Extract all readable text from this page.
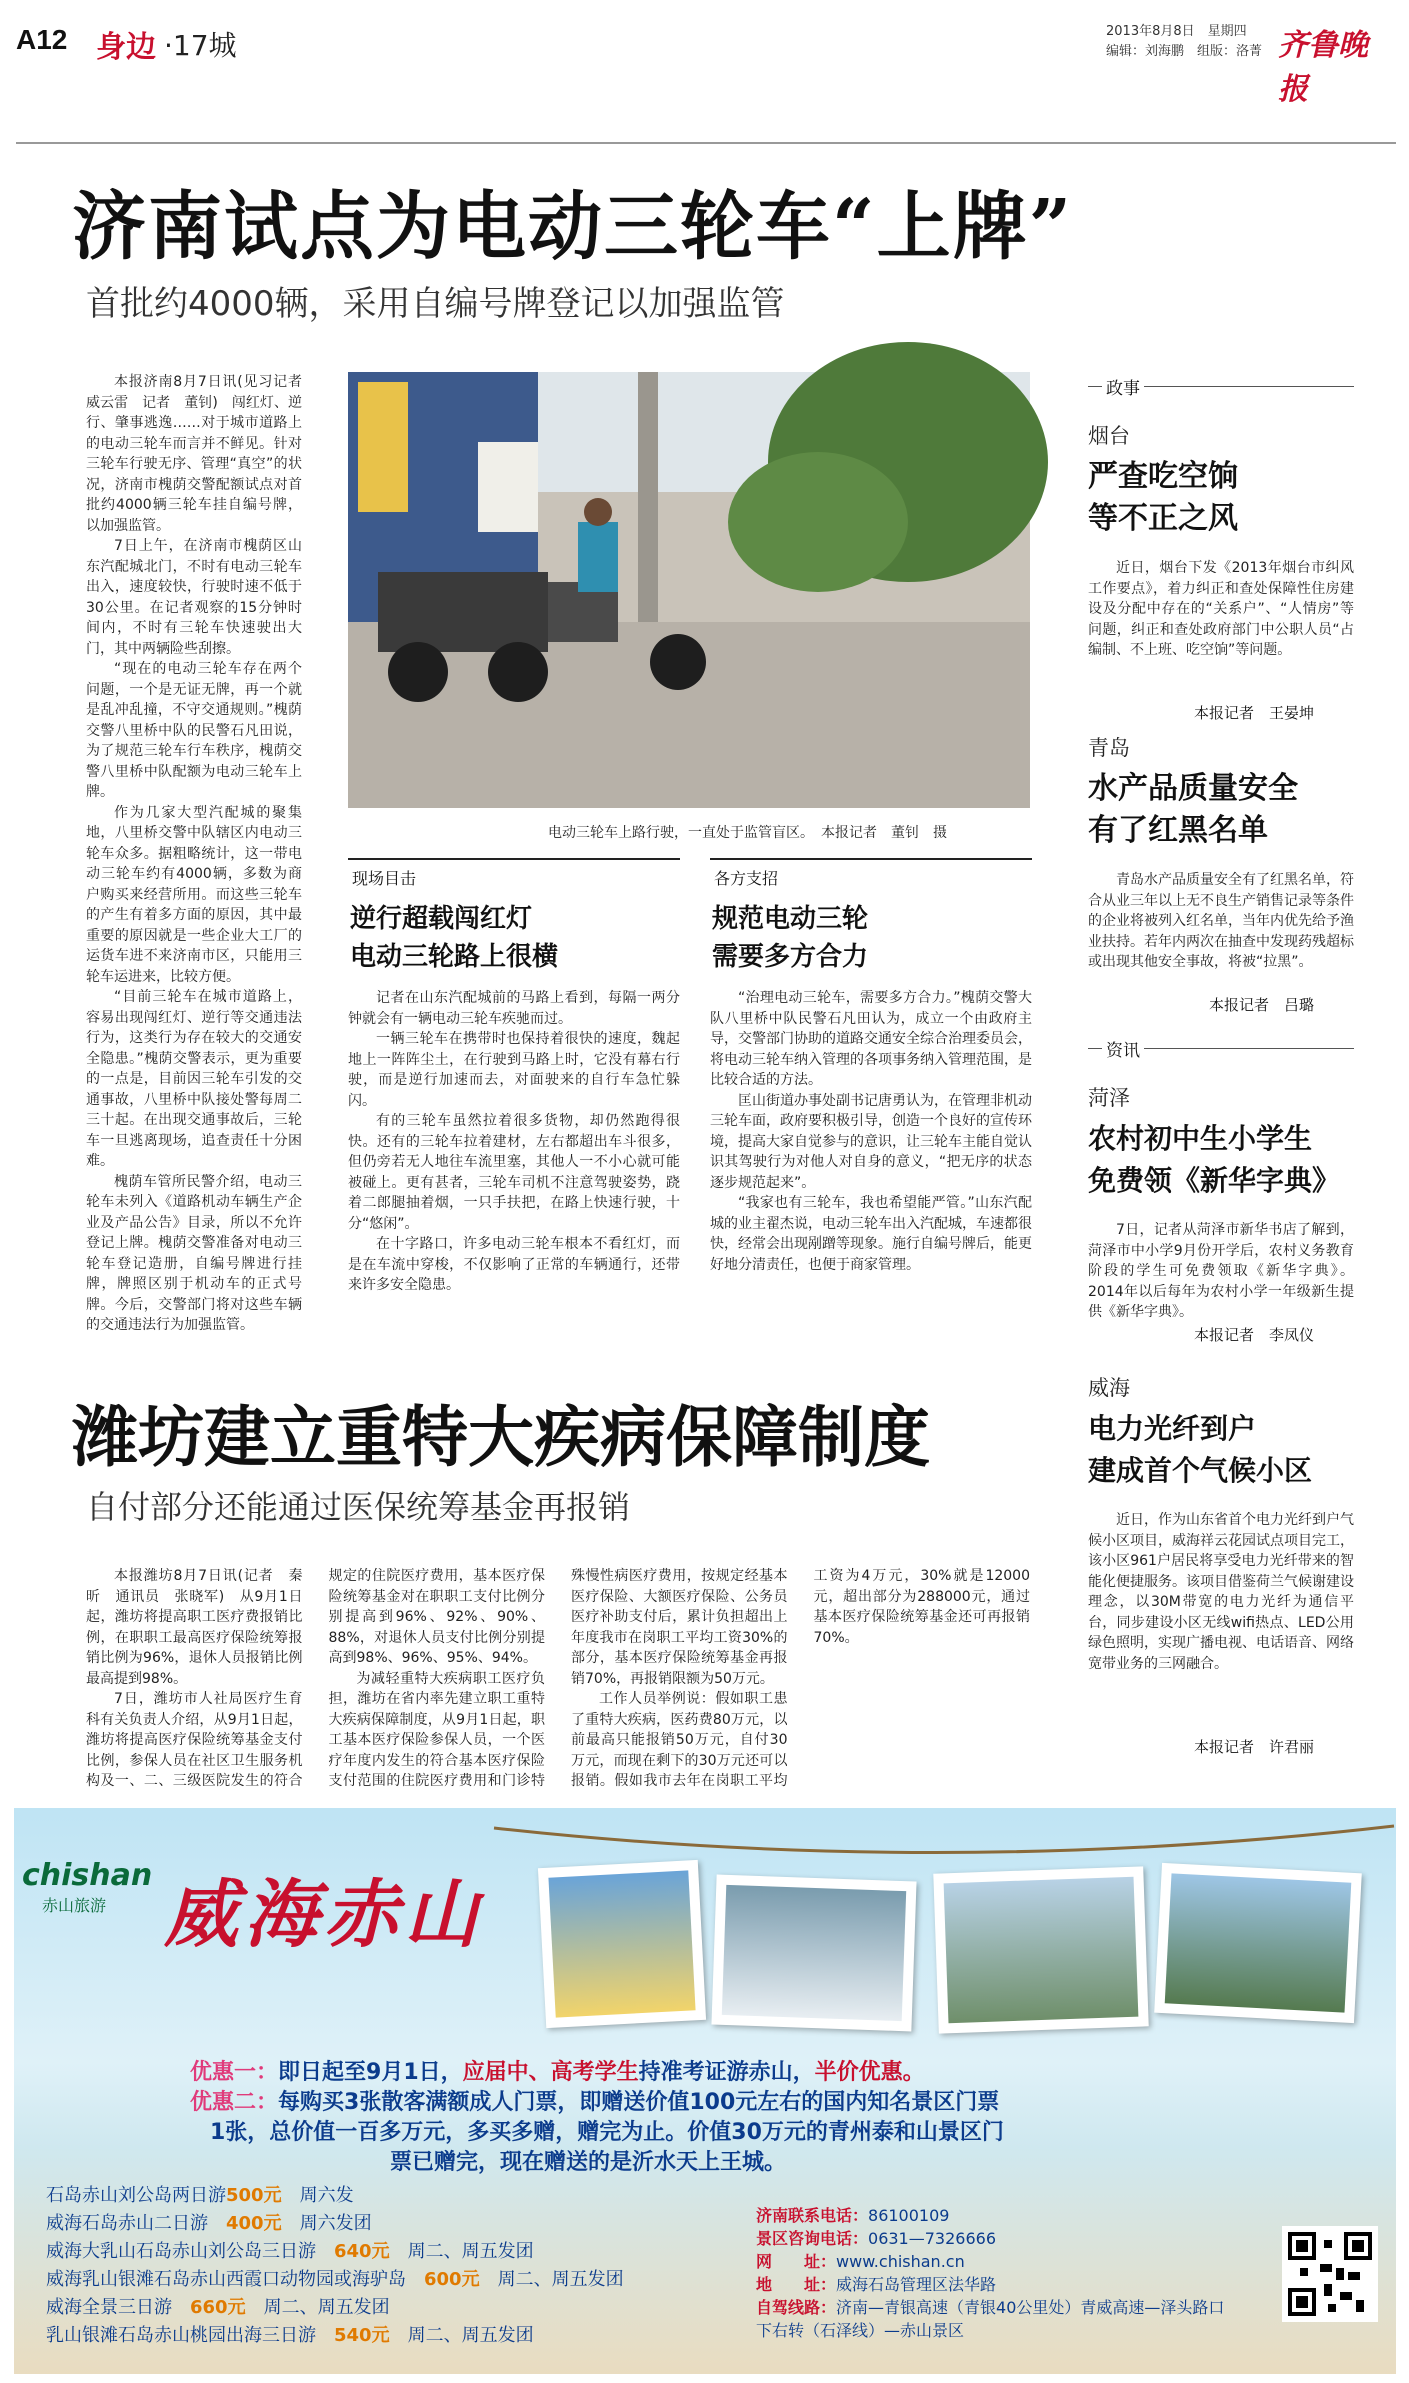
A12 身边 ·17城	2013年8月8日　星期四
编辑：刘海鹏　组版：洛菁 齐鲁晚报
济南试点为电动三轮车“上牌”
首批约4000辆，采用自编号牌登记以加强监管

本报济南8月7日讯(见习记者　威云雷　记者　董钊)　闯红灯、逆行、肇事逃逸……对于城市道路上的电动三轮车而言并不鲜见。针对三轮车行驶无序、管理“真空”的状况，济南市槐荫交警配额试点对首批约4000辆三轮车挂自编号牌，以加强监管。

7日上午，在济南市槐荫区山东汽配城北门，不时有电动三轮车出入，速度较快，行驶时速不低于30公里。在记者观察的15分钟时间内，不时有三轮车快速驶出大门，其中两辆险些刮擦。

“现在的电动三轮车存在两个问题，一个是无证无牌，再一个就是乱冲乱撞，不守交通规则。”槐荫交警八里桥中队的民警石凡田说，为了规范三轮车行车秩序，槐荫交警八里桥中队配额为电动三轮车上牌。

作为几家大型汽配城的聚集地，八里桥交警中队辖区内电动三轮车众多。据粗略统计，这一带电动三轮车约有4000辆，多数为商户购买来经营所用。而这些三轮车的产生有着多方面的原因，其中最重要的原因就是一些企业大工厂的运货车进不来济南市区，只能用三轮车运进来，比较方便。

“目前三轮车在城市道路上，容易出现闯红灯、逆行等交通违法行为，这类行为存在较大的交通安全隐患。”槐荫交警表示，更为重要的一点是，目前因三轮车引发的交通事故，八里桥中队接处警每周二三十起。在出现交通事故后，三轮车一旦逃离现场，追查责任十分困难。

槐荫车管所民警介绍，电动三轮车未列入《道路机动车辆生产企业及产品公告》目录，所以不允许登记上牌。槐荫交警准备对电动三轮车登记造册，自编号牌进行挂牌，牌照区别于机动车的正式号牌。今后，交警部门将对这些车辆的交通违法行为加强监管。

电动三轮车上路行驶，一直处于监管盲区。　本报记者　董钊　摄
现场目击
逆行超载闯红灯
电动三轮路上很横

记者在山东汽配城前的马路上看到，每隔一两分钟就会有一辆电动三轮车疾驰而过。

一辆三轮车在携带时也保持着很快的速度，魏起地上一阵阵尘土，在行驶到马路上时，它没有幕右行驶，而是逆行加速而去，对面驶来的自行车急忙躲闪。

有的三轮车虽然拉着很多货物，却仍然跑得很快。还有的三轮车拉着建材，左右都超出车斗很多，但仍旁若无人地往车流里塞，其他人一不小心就可能被碰上。更有甚者，三轮车司机不注意驾驶姿势，跷着二郎腿抽着烟，一只手扶把，在路上快速行驶，十分“悠闲”。

在十字路口，许多电动三轮车根本不看红灯，而是在车流中穿梭，不仅影响了正常的车辆通行，还带来许多安全隐患。

各方支招
规范电动三轮
需要多方合力

“治理电动三轮车，需要多方合力。”槐荫交警大队八里桥中队民警石凡田认为，成立一个由政府主导，交警部门协助的道路交通安全综合治理委员会，将电动三轮车纳入管理的各项事务纳入管理范围，是比较合适的方法。

匡山街道办事处副书记唐勇认为，在管理非机动三轮车面，政府要积极引导，创造一个良好的宣传环境，提高大家自觉参与的意识，让三轮车主能自觉认识其驾驶行为对他人对自身的意义，“把无序的状态逐步规范起来”。

“我家也有三轮车，我也希望能严管。”山东汽配城的业主翟杰说，电动三轮车出入汽配城，车速都很快，经常会出现剐蹭等现象。施行自编号牌后，能更好地分清责任，也便于商家管理。

潍坊建立重特大疾病保障制度
自付部分还能通过医保统筹基金再报销

本报潍坊8月7日讯(记者　秦昕　通讯员　张晓军)　从9月1日起，潍坊将提高职工医疗费报销比例，在职职工最高医疗保险统筹报销比例为96%，退休人员报销比例最高提到98%。

7日，潍坊市人社局医疗生育科有关负责人介绍，从9月1日起，潍坊将提高医疗保险统筹基金支付比例，参保人员在社区卫生服务机构及一、二、三级医院发生的符合规定的住院医疗费用，基本医疗保险统筹基金对在职职工支付比例分别提高到96%、92%、90%、88%，对退休人员支付比例分别提高到98%、96%、95%、94%。

为减轻重特大疾病职工医疗负担，潍坊在省内率先建立职工重特大疾病保障制度，从9月1日起，职工基本医疗保险参保人员，一个医疗年度内发生的符合基本医疗保险支付范围的住院医疗费用和门诊特殊慢性病医疗费用，按规定经基本医疗保险、大额医疗保险、公务员医疗补助支付后，累计负担超出上年度我市在岗职工平均工资30%的部分，基本医疗保险统筹基金再报销70%，再报销限额为50万元。

工作人员举例说：假如职工患了重特大疾病，医药费80万元，以前最高只能报销50万元，自付30万元，而现在剩下的30万元还可以报销。假如我市去年在岗职工平均工资为4万元，30%就是12000元，超出部分为288000元，通过基本医疗保险统筹基金还可再报销70%。

政事
烟台
严查吃空饷
等不正之风
近日，烟台下发《2013年烟台市纠风工作要点》，着力纠正和查处保障性住房建设及分配中存在的“关系户”、“人情房”等问题，纠正和查处政府部门中公职人员“占编制、不上班、吃空饷”等问题。
本报记者　王晏坤
青岛
水产品质量安全
有了红黑名单
青岛水产品质量安全有了红黑名单，符合从业三年以上无不良生产销售记录等条件的企业将被列入红名单，当年内优先给予渔业扶持。若年内两次在抽查中发现药残超标或出现其他安全事故，将被“拉黑”。
本报记者　吕璐
资讯
菏泽
农村初中生小学生
免费领《新华字典》
7日，记者从菏泽市新华书店了解到，菏泽市中小学9月份开学后，农村义务教育阶段的学生可免费领取《新华字典》。2014年以后每年为农村小学一年级新生提供《新华字典》。
本报记者　李凤仪
威海
电力光纤到户
建成首个气候小区
近日，作为山东省首个电力光纤到户气候小区项目，威海祥云花园试点项目完工，该小区961户居民将享受电力光纤带来的智能化便捷服务。该项目借鉴荷兰气候谢建设理念，以30M带宽的电力光纤为通信平台，同步建设小区无线wifi热点、LED公用绿色照明，实现广播电视、电话语音、网络宽带业务的三网融合。
本报记者　许君丽
chishan
赤山旅游 威海赤山
优惠一：即日起至9月1日，应届中、高考学生持准考证游赤山，半价优惠。
优惠二：每购买3张散客满额成人门票，即赠送价值100元左右的国内知名景区门票
1张，总价值一百多万元，多买多赠，赠完为止。价值30万元的青州泰和山景区门
票已赠完，现在赠送的是沂水天上王城。
石岛赤山刘公岛两日游500元　 周六发
威海石岛赤山二日游　 400元　 周六发团
威海大乳山石岛赤山刘公岛三日游　 640元　 周二、周五发团
威海乳山银滩石岛赤山西霞口动物园或海驴岛　 600元　 周二、周五发团
威海全景三日游　 660元　 周二、周五发团
乳山银滩石岛赤山桃园出海三日游　 540元　 周二、周五发团
济南联系电话：86100109
景区咨询电话：0631—7326666
网　　址：www.chishan.cn
地　　址：威海石岛管理区法华路
自驾线路：济南—青银高速（青银40公里处）青威高速—泽头路口下右转（石泽线）—赤山景区
